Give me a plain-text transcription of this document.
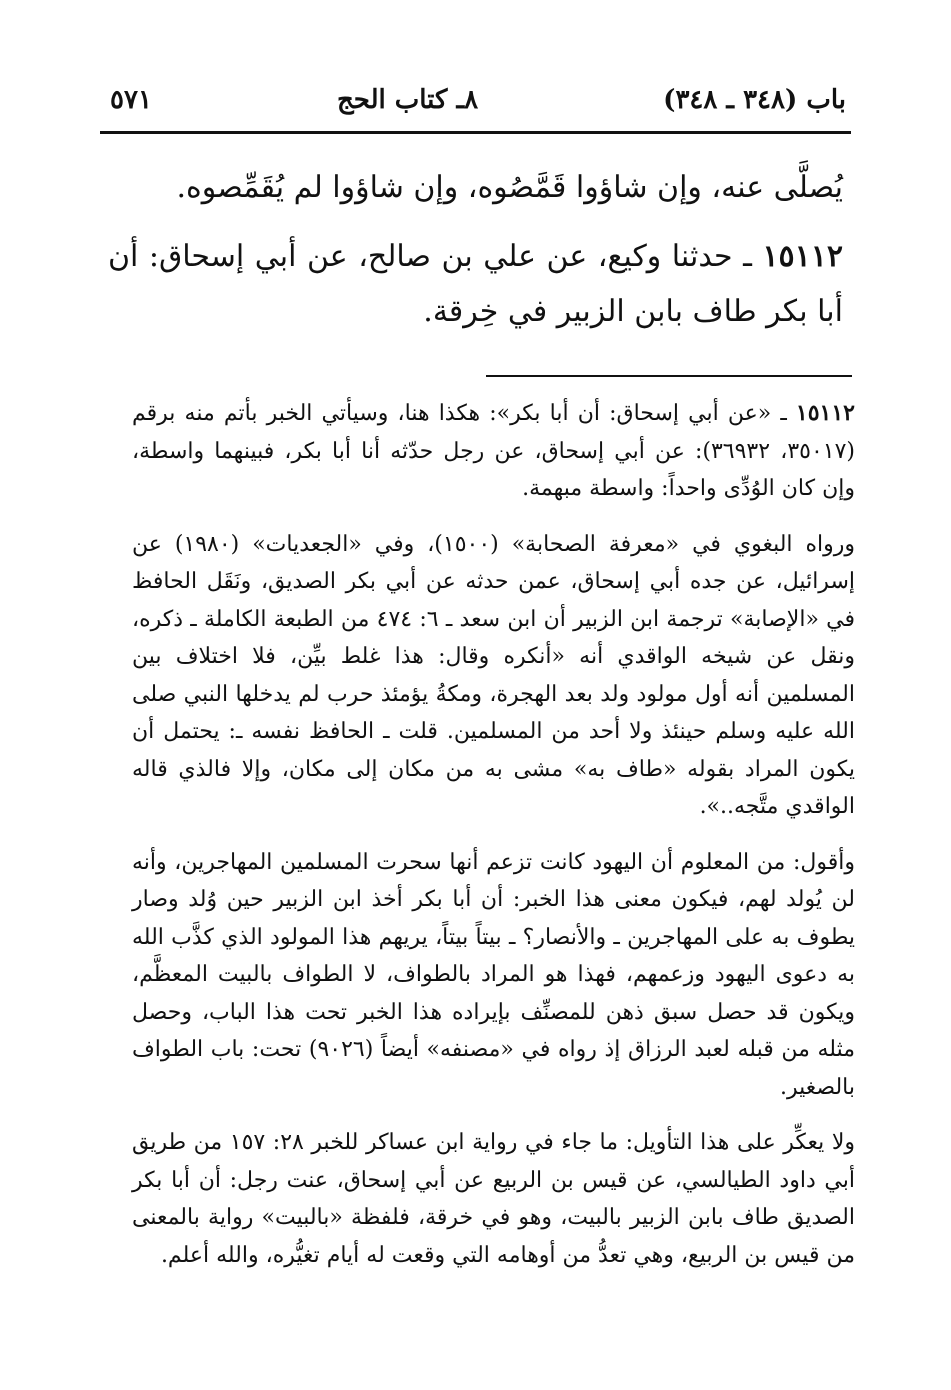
باب (٣٤٨ ـ ٣٤٨)
٨ـ كتاب الحج
٥٧١

يُصلَّى عنه، وإن شاؤوا قَمَّصُوه، وإن شاؤوا لم يُقَمِّصوه.

١٥١١٢ ـ حدثنا وكيع، عن علي بن صالح، عن أبي إسحاق: أن أبا بكر طاف بابن الزبير في خِرقة.

١٥١١٢ ـ «عن أبي إسحاق: أن أبا بكر»: هكذا هنا، وسيأتي الخبر بأتم منه برقم (٣٥٠١٧، ٣٦٩٣٢): عن أبي إسحاق، عن رجل حدّثه أنا أبا بكر، فبينهما واسطة، وإن كان الوُدِّى واحداً: واسطة مبهمة.

ورواه البغوي في «معرفة الصحابة» (١٥٠٠)، وفي «الجعديات» (١٩٨٠) عن إسرائيل، عن جده أبي إسحاق، عمن حدثه عن أبي بكر الصديق، ونَقَل الحافظ في «الإصابة» ترجمة ابن الزبير أن ابن سعد ـ ٦: ٤٧٤ من الطبعة الكاملة ـ ذكره، ونقل عن شيخه الواقدي أنه «أنكره وقال: هذا غلط بيِّن، فلا اختلاف بين المسلمين أنه أول مولود ولد بعد الهجرة، ومكةُ يؤمئذ حرب لم يدخلها النبي صلى الله عليه وسلم حينئذ ولا أحد من المسلمين. قلت ـ الحافظ نفسه ـ: يحتمل أن يكون المراد بقوله «طاف به» مشى به من مكان إلى مكان، وإلا فالذي قاله الواقدي متَّجه..».

وأقول: من المعلوم أن اليهود كانت تزعم أنها سحرت المسلمين المهاجرين، وأنه لن يُولد لهم، فيكون معنى هذا الخبر: أن أبا بكر أخذ ابن الزبير حين وُلد وصار يطوف به على المهاجرين ـ والأنصار؟ ـ بيتاً بيتاً، يريهم هذا المولود الذي كذَّب الله به دعوى اليهود وزعمهم، فهذا هو المراد بالطواف، لا الطواف بالبيت المعظَّم، ويكون قد حصل سبق ذهن للمصنِّف بإيراده هذا الخبر تحت هذا الباب، وحصل مثله من قبله لعبد الرزاق إذ رواه في «مصنفه» أيضاً (٩٠٢٦) تحت: باب الطواف بالصغير.

ولا يعكِّر على هذا التأويل: ما جاء في رواية ابن عساكر للخبر ٢٨: ١٥٧ من طريق أبي داود الطيالسي، عن قيس بن الربيع عن أبي إسحاق، عنت رجل: أن أبا بكر الصديق طاف بابن الزبير بالبيت، وهو في خرقة، فلفظة «بالبيت» رواية بالمعنى من قيس بن الربيع، وهي تعدُّ من أوهامه التي وقعت له أيام تغيُّره، والله أعلم.
